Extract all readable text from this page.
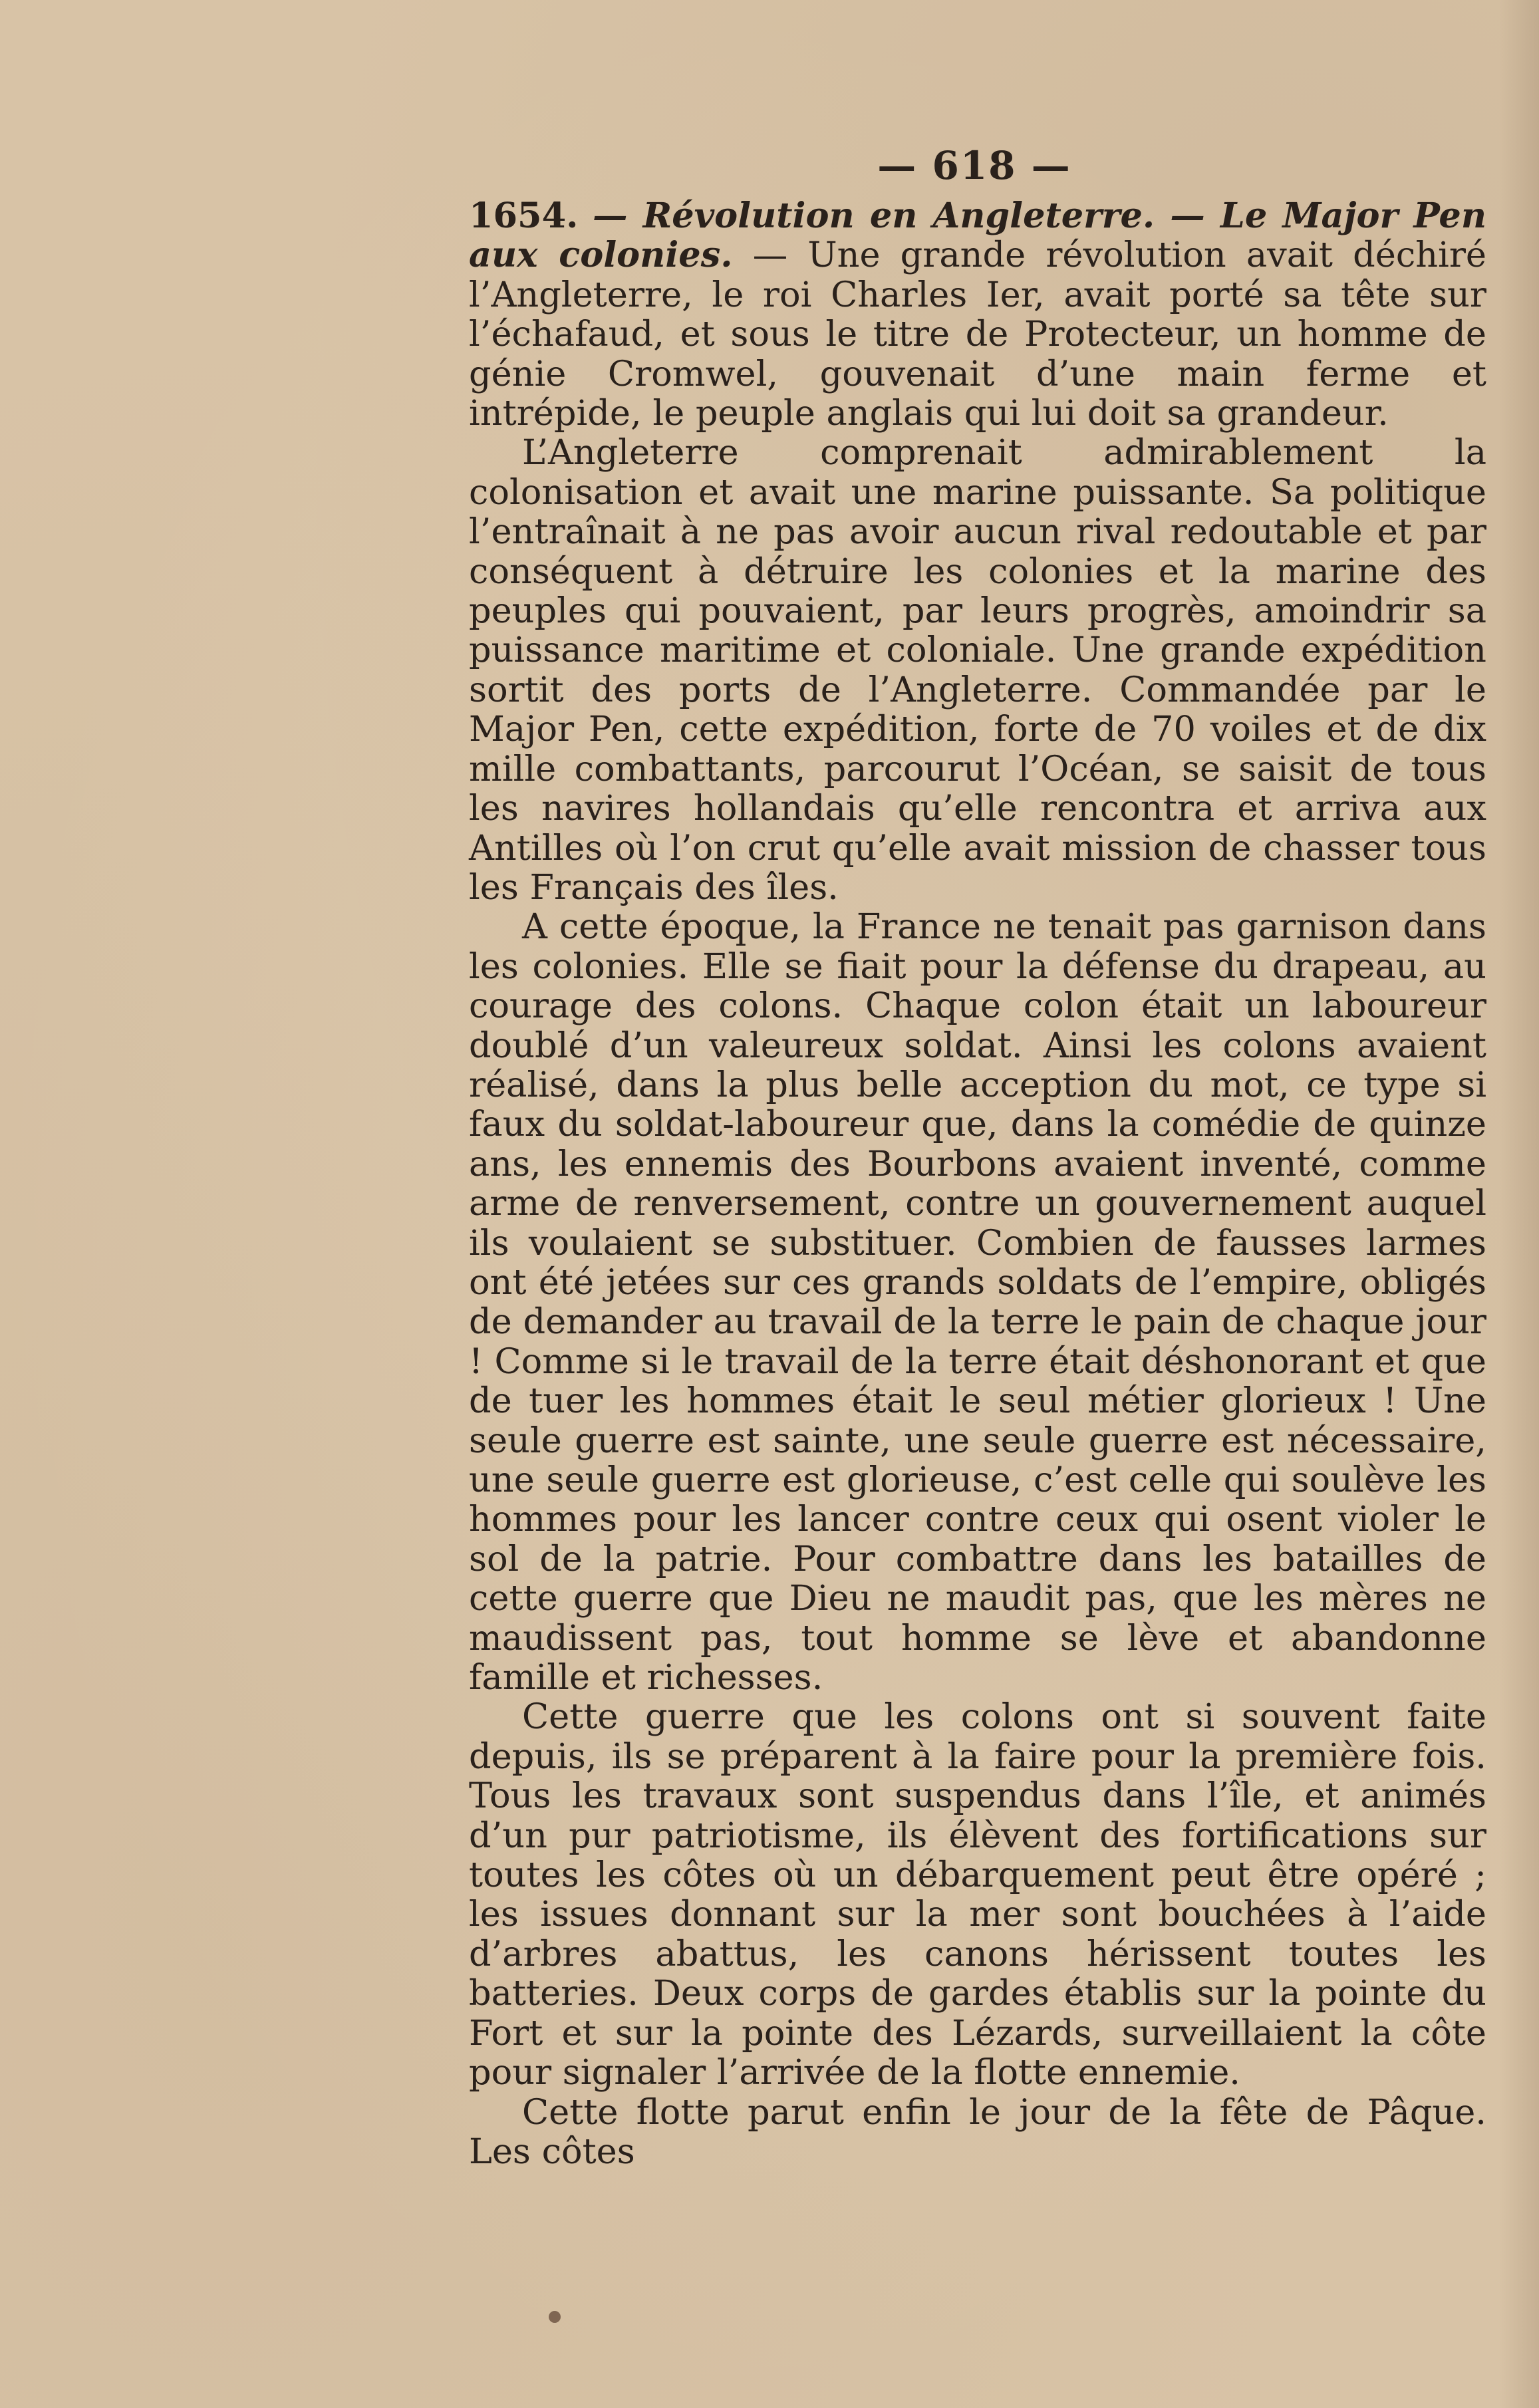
— 618 —

1654. — Révolution en Angleterre. — Le Major Pen aux colonies. — Une grande révolution avait déchiré l’Angleterre, le roi Charles Ier, avait porté sa tête sur l’échafaud, et sous le titre de Protecteur, un homme de génie Cromwel, gouvenait d’une main ferme et intrépide, le peuple anglais qui lui doit sa grandeur.

L’Angleterre comprenait admirablement la colonisation et avait une marine puissante. Sa politique l’entraînait à ne pas avoir aucun rival redoutable et par conséquent à détruire les colonies et la marine des peuples qui pouvaient, par leurs progrès, amoindrir sa puissance maritime et coloniale. Une grande expédition sortit des ports de l’Angleterre. Commandée par le Major Pen, cette expédition, forte de 70 voiles et de dix mille combattants, parcourut l’Océan, se saisit de tous les navires hollandais qu’elle rencontra et arriva aux Antilles où l’on crut qu’elle avait mission de chasser tous les Français des îles.

A cette époque, la France ne tenait pas garnison dans les colonies. Elle se fiait pour la défense du drapeau, au courage des colons. Chaque colon était un laboureur doublé d’un valeureux soldat. Ainsi les colons avaient réalisé, dans la plus belle acception du mot, ce type si faux du soldat-laboureur que, dans la comédie de quinze ans, les ennemis des Bourbons avaient inventé, comme arme de renversement, contre un gouvernement auquel ils voulaient se substituer. Combien de fausses larmes ont été jetées sur ces grands soldats de l’empire, obligés de demander au travail de la terre le pain de chaque jour ! Comme si le travail de la terre était déshonorant et que de tuer les hommes était le seul métier glorieux ! Une seule guerre est sainte, une seule guerre est nécessaire, une seule guerre est glorieuse, c’est celle qui soulève les hommes pour les lancer contre ceux qui osent violer le sol de la patrie. Pour combattre dans les batailles de cette guerre que Dieu ne maudit pas, que les mères ne maudissent pas, tout homme se lève et abandonne famille et richesses.

Cette guerre que les colons ont si souvent faite depuis, ils se préparent à la faire pour la première fois. Tous les travaux sont suspendus dans l’île, et animés d’un pur patriotisme, ils élèvent des fortifications sur toutes les côtes où un débarquement peut être opéré ; les issues donnant sur la mer sont bouchées à l’aide d’arbres abattus, les canons hérissent toutes les batteries. Deux corps de gardes établis sur la pointe du Fort et sur la pointe des Lézards, surveillaient la côte pour signaler l’arrivée de la flotte ennemie.

Cette flotte parut enfin le jour de la fête de Pâque. Les côtes
